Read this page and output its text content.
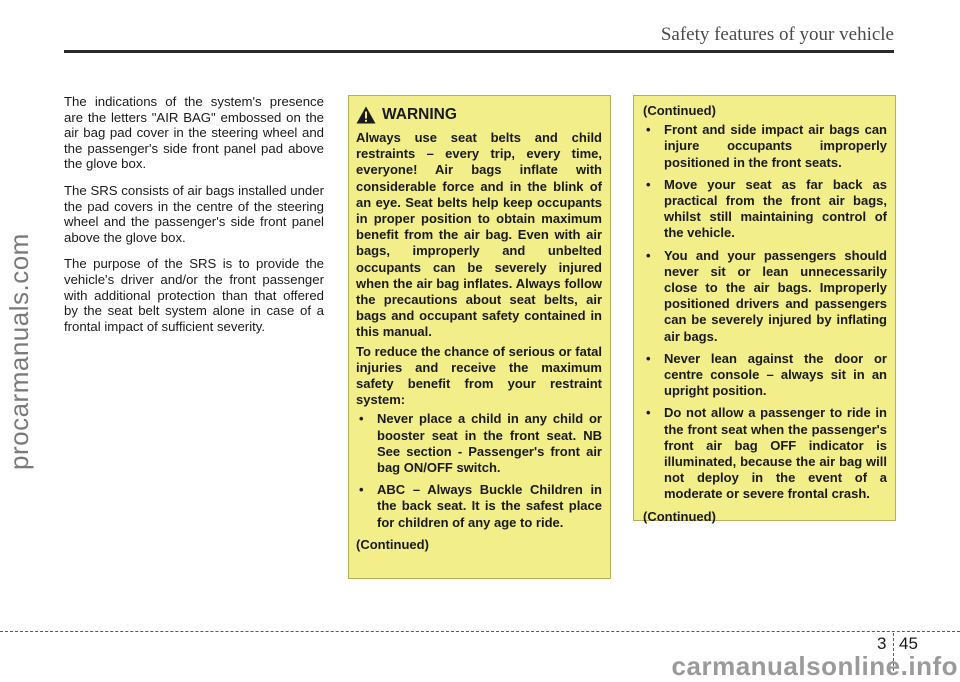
Safety features of your vehicle
procarmanuals.com

The indications of the system's presence are the letters "AIR BAG" embossed on the air bag pad cover in the steering wheel and the passenger's side front panel pad above the glove box.

The SRS consists of air bags installed under the pad covers in the centre of the steering wheel and the passenger's side front panel above the glove box.

The purpose of the SRS is to provide the vehicle's driver and/or the front passenger with additional protection than that offered by the seat belt system alone in case of a frontal impact of sufficient severity.

WARNING

Always use seat belts and child restraints – every trip, every time, everyone! Air bags inflate with considerable force and in the blink of an eye. Seat belts help keep occupants in proper position to obtain maximum benefit from the air bag. Even with air bags, improperly and unbelted occupants can be severely injured when the air bag inflates. Always follow the precautions about seat belts, air bags and occupant safety contained in this manual.

To reduce the chance of serious or fatal injuries and receive the maximum safety benefit from your restraint system:

• Never place a child in any child or booster seat in the front seat. NB See section - Passenger's front air bag ON/OFF switch.
• ABC – Always Buckle Children in the back seat. It is the safest place for children of any age to ride.

(Continued)

(Continued)

• Front and side impact air bags can injure occupants improperly positioned in the front seats.
• Move your seat as far back as practical from the front air bags, whilst still maintaining control of the vehicle.
• You and your passengers should never sit or lean unnecessarily close to the air bags. Improperly positioned drivers and passengers can be severely injured by inflating air bags.
• Never lean against the door or centre console – always sit in an upright position.
• Do not allow a passenger to ride in the front seat when the passenger's front air bag OFF indicator is illuminated, because the air bag will not deploy in the event of a moderate or severe frontal crash.

(Continued)

3 45
carmanualsonline.info
